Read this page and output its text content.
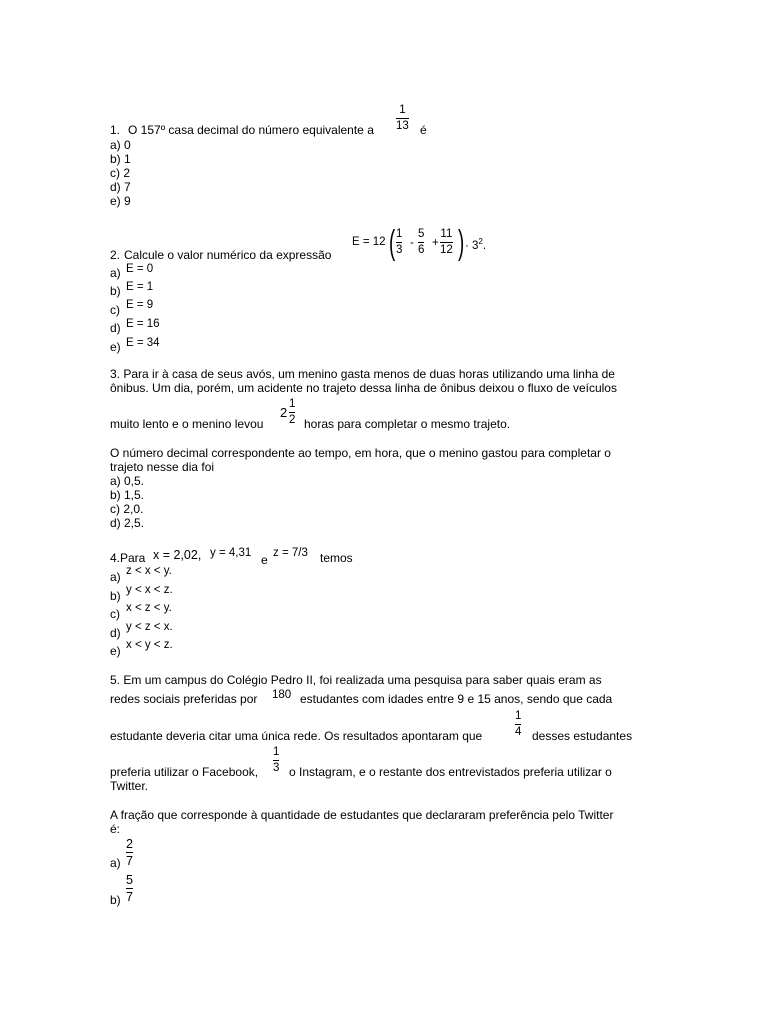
1. O 157º casa decimal do número equivalente a
1
13 é
a) 0
b) 1
c) 2
d) 7
e) 9
2. Calcule o valor numérico da expressão
E = 12 ( 1
3
-
5
6
+
11
12 ) · $3^2$.
a) E = 0
b) E = 1
c) E = 9
d) E = 16
e) E = 34
3. Para ir à casa de seus avós, um menino gasta menos de duas horas utilizando uma linha de
ônibus. Um dia, porém, um acidente no trajeto dessa linha de ônibus deixou o fluxo de veículos
muito lento e o menino levou
2
1
2 horas para completar o mesmo trajeto.
O número decimal correspondente ao tempo, em hora, que o menino gastou para completar o
trajeto nesse dia foi
a) 0,5.
b) 1,5.
c) 2,0.
d) 2,5.
4.Para x = 2,02, y = 4,31 e z = 7/3 temos
a) z < x < y.
b) y < x < z.
c) x < z < y.
d) y < z < x.
e) x < y < z.
5. Em um campus do Colégio Pedro II, foi realizada uma pesquisa para saber quais eram as
redes sociais preferidas por 180 estudantes com idades entre 9 e 15 anos, sendo que cada
estudante deveria citar uma única rede. Os resultados apontaram que
1
4 desses estudantes
preferia utilizar o Facebook,
1
3 o Instagram, e o restante dos entrevistados preferia utilizar o
Twitter.
A fração que corresponde à quantidade de estudantes que declararam preferência pelo Twitter
é:
a)
2
7
b)
5
7
